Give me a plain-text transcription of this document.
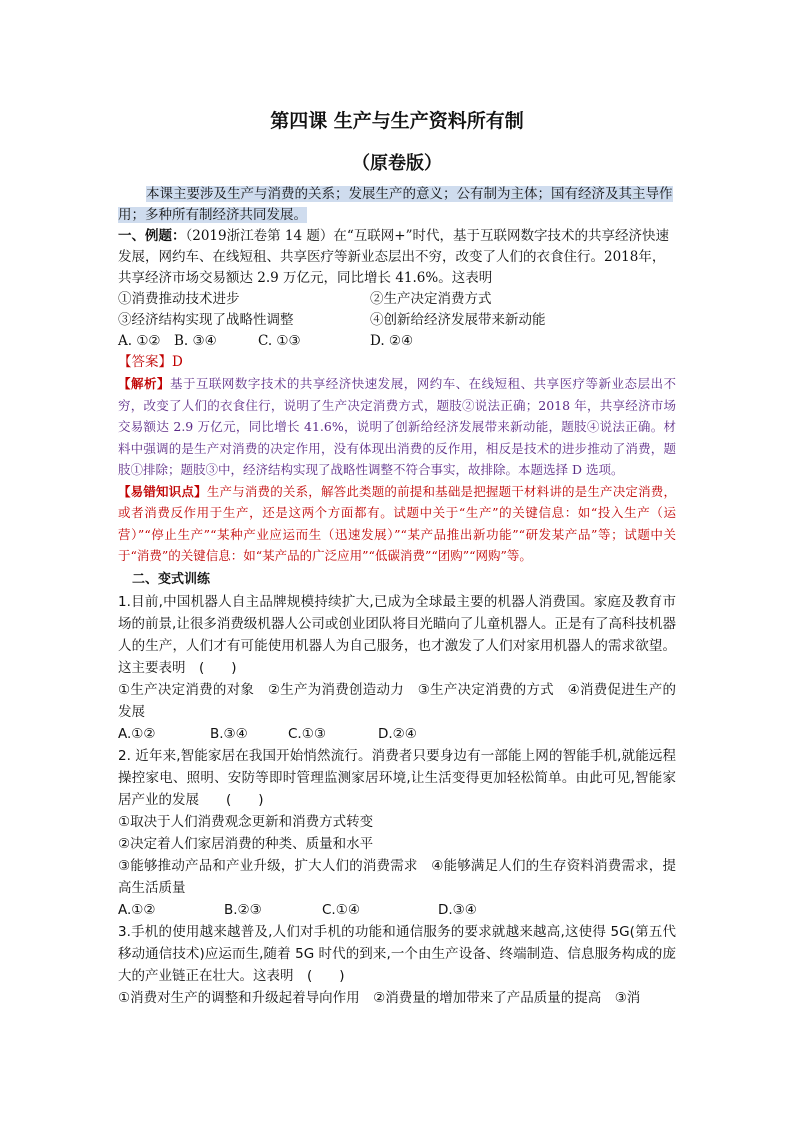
第四课 生产与生产资料所有制
（原卷版）

本课主要涉及生产与消费的关系；发展生产的意义；公有制为主体；国有经济及其主导作用；多种所有制经济共同发展。

一、例题：（2019浙江卷第 14 题）在“互联网+”时代，基于互联网数字技术的共享经济快速发展，网约车、在线短租、共享医疗等新业态层出不穷，改变了人们的衣食住行。2018年，共享经济市场交易额达 2.9 万亿元，同比增长 41.6%。这表明

①消费推动技术进步	②生产决定消费方式
③经济结构实现了战略性调整	④创新给经济发展带来新动能
A. ①② B. ③④	C. ①③	D. ②④

【答案】D

【解析】基于互联网数字技术的共享经济快速发展，网约车、在线短租、共享医疗等新业态层出不穷，改变了人们的衣食住行，说明了生产决定消费方式，题肢②说法正确；2018 年，共享经济市场交易额达 2.9 万亿元，同比增长 41.6%，说明了创新给经济发展带来新动能，题肢④说法正确。材料中强调的是生产对消费的决定作用，没有体现出消费的反作用，相反是技术的进步推动了消费，题肢①排除；题肢③中，经济结构实现了战略性调整不符合事实，故排除。本题选择 D 选项。

【易错知识点】生产与消费的关系，解答此类题的前提和基础是把握题干材料讲的是生产决定消费，或者消费反作用于生产，还是这两个方面都有。试题中关于“生产”的关键信息：如“投入生产（运营）”“停止生产”“某种产业应运而生（迅速发展）”“某产品推出新功能”“研发某产品”等；试题中关于“消费”的关键信息：如“某产品的广泛应用”“低碳消费”“团购”“网购”等。

二、变式训练

1.目前,中国机器人自主品牌规模持续扩大,已成为全球最主要的机器人消费国。家庭及教育市场的前景,让很多消费级机器人公司或创业团队将目光瞄向了儿童机器人。正是有了高科技机器人的生产，人们才有可能使用机器人为自己服务，也才激发了人们对家用机器人的需求欲望。这主要表明　(　　)

①生产决定消费的对象　②生产为消费创造动力　③生产决定消费的方式　④消费促进生产的发展

A.①②	B.③④	C.①③	D.②④

2. 近年来,智能家居在我国开始悄然流行。消费者只要身边有一部能上网的智能手机,就能远程操控家电、照明、安防等即时管理监测家居环境,让生活变得更加轻松简单。由此可见,智能家居产业的发展　　(　　)

①取决于人们消费观念更新和消费方式转变

②决定着人们家居消费的种类、质量和水平

③能够推动产品和产业升级，扩大人们的消费需求　④能够满足人们的生存资料消费需求，提高生活质量

A.①②	B.②③	C.①④	D.③④

3.手机的使用越来越普及,人们对手机的功能和通信服务的要求就越来越高,这使得 5G(第五代移动通信技术)应运而生,随着 5G 时代的到来,一个由生产设备、终端制造、信息服务构成的庞大的产业链正在壮大。这表明　(　　)

①消费对生产的调整和升级起着导向作用　②消费量的增加带来了产品质量的提高　③消
